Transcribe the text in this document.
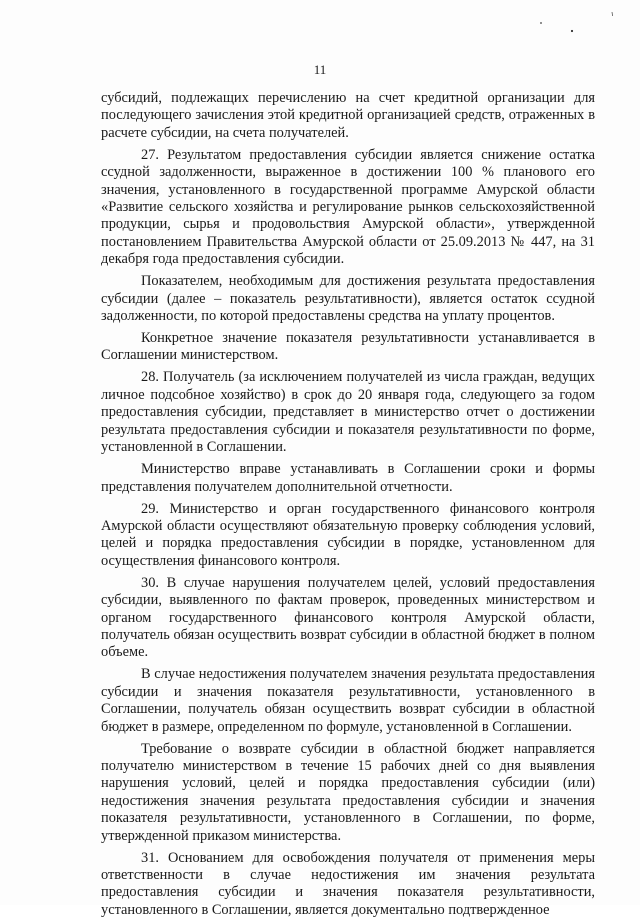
11

субсидий, подлежащих перечислению на счет кредитной организации для последующего зачисления этой кредитной организацией средств, отраженных в расчете субсидии, на счета получателей.

27. Результатом предоставления субсидии является снижение остатка ссудной задолженности, выраженное в достижении 100 % планового его значения, установленного в государственной программе Амурской области «Развитие сельского хозяйства и регулирование рынков сельскохозяйственной продукции, сырья и продовольствия Амурской области», утвержденной постановлением Правительства Амурской области от 25.09.2013 № 447, на 31 декабря года предоставления субсидии.

Показателем, необходимым для достижения результата предоставления субсидии (далее – показатель результативности), является остаток ссудной задолженности, по которой предоставлены средства на уплату процентов.

Конкретное значение показателя результативности устанавливается в Соглашении министерством.

28. Получатель (за исключением получателей из числа граждан, ведущих личное подсобное хозяйство) в срок до 20 января года, следующего за годом предоставления субсидии, представляет в министерство отчет о достижении результата предоставления субсидии и показателя результативности по форме, установленной в Соглашении.

Министерство вправе устанавливать в Соглашении сроки и формы представления получателем дополнительной отчетности.

29. Министерство и орган государственного финансового контроля Амурской области осуществляют обязательную проверку соблюдения условий, целей и порядка предоставления субсидии в порядке, установленном для осуществления финансового контроля.

30. В случае нарушения получателем целей, условий предоставления субсидии, выявленного по фактам проверок, проведенных министерством и органом государственного финансового контроля Амурской области, получатель обязан осуществить возврат субсидии в областной бюджет в полном объеме.

В случае недостижения получателем значения результата предоставления субсидии и значения показателя результативности, установленного в Соглашении, получатель обязан осуществить возврат субсидии в областной бюджет в размере, определенном по формуле, установленной в Соглашении.

Требование о возврате субсидии в областной бюджет направляется получателю министерством в течение 15 рабочих дней со дня выявления нарушения условий, целей и порядка предоставления субсидии (или) недостижения значения результата предоставления субсидии и значения показателя результативности, установленного в Соглашении, по форме, утвержденной приказом министерства.

31. Основанием для освобождения получателя от применения меры ответственности в случае недостижения им значения результата предоставления субсидии и значения показателя результативности, установленного в Соглашении, является документально подтвержденное
